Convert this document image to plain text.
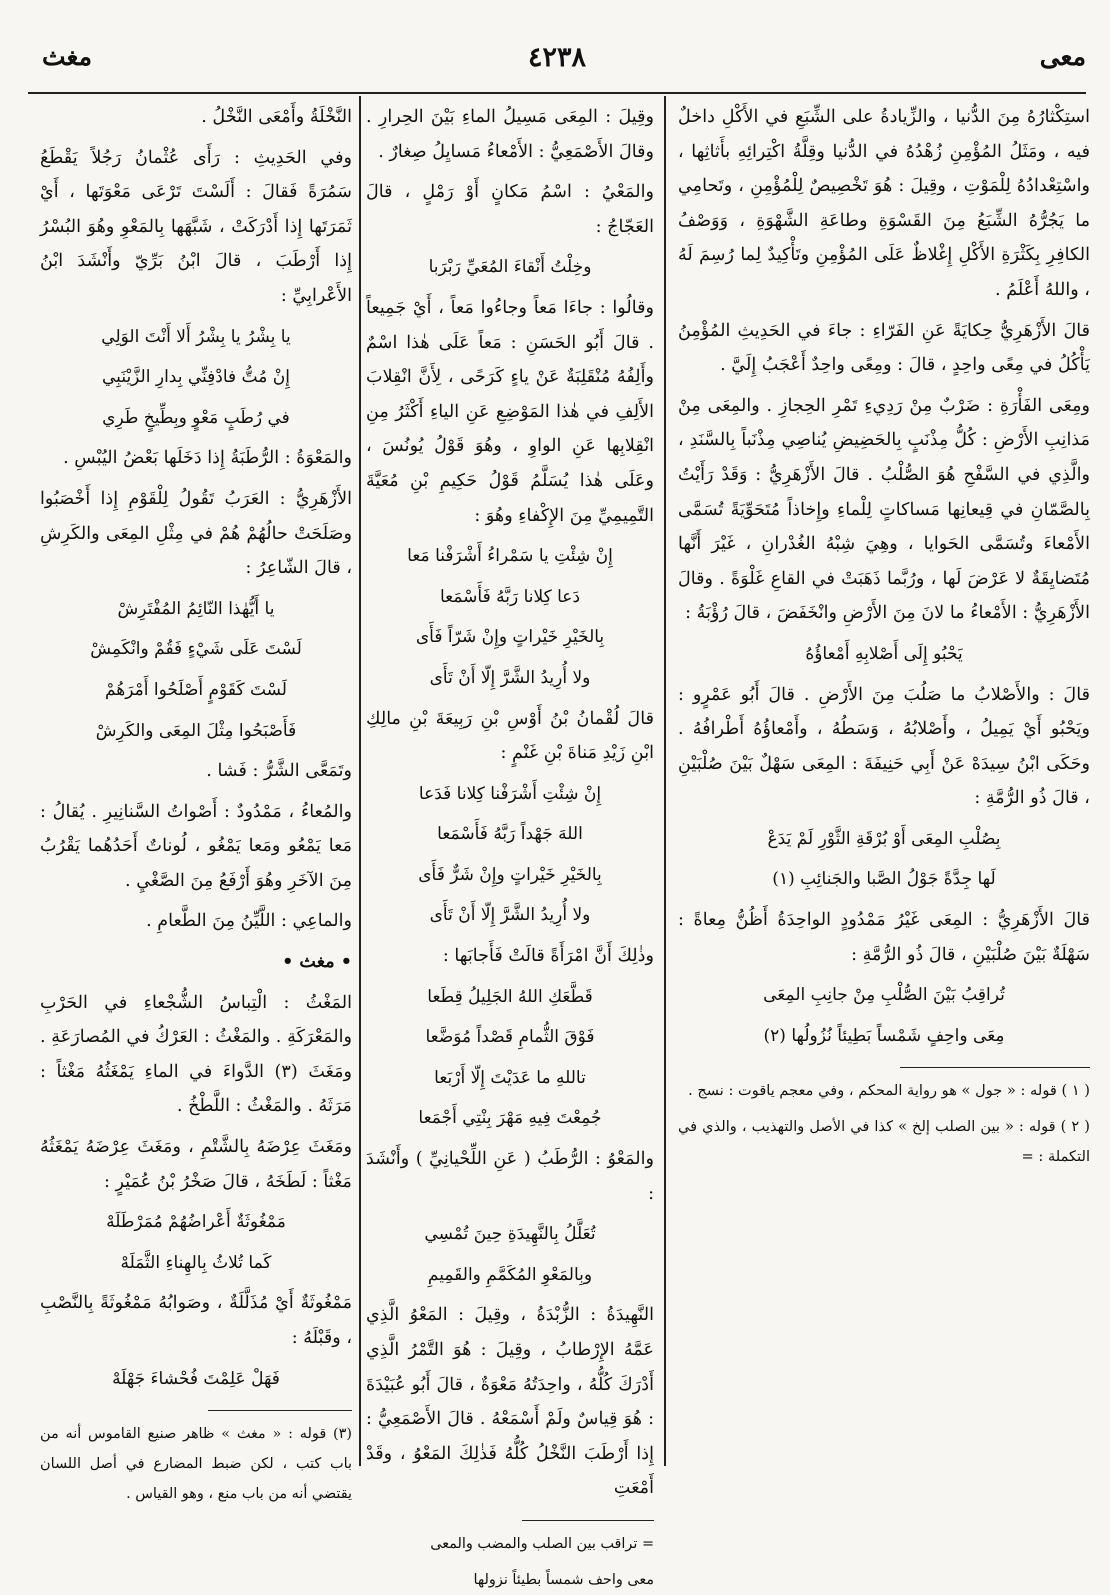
معى
٤٢٣٨
مغث

استِكْثارُهُ مِنَ الدُّنيا ، والزِّيادةُ على الشِّبَعِ في الأَكْلِ داخلٌ فيه ، ومَثَلُ المُؤْمِنِ زُهْدُهُ في الدُّنيا وقِلَّةُ اكْتِرائِهِ بأَثاثِها ، واسْتِعْدادُهُ لِلْمَوْتِ ، وقِيلَ : هُوَ تَخْصِيصٌ لِلْمُؤْمِنِ ، وتَحامِي ما يَجُرُّهُ الشِّبَعُ مِنَ القَسْوَةِ وطاعَةِ الشَّهْوَةِ ، وَوَصْفُ الكافِرِ بِكَثْرَةِ الأَكْلِ إِغْلاظٌ عَلَى المُؤْمِنِ وتَأْكِيدٌ لِما رُسِمَ لَهُ ، واللهُ أَعْلَمُ .

قالَ الأَزْهَرِيُّ حِكايَةً عَنِ الفَرّاءِ : جاءَ في الحَدِيثِ المُؤْمِنُ يَأْكُلُ في مِعًى واحِدٍ ، قالَ : ومِعًى واحِدٌ أَعْجَبُ إِلَيَّ .

ومِعَى الفَأْرَةِ : ضَرْبٌ مِنْ رَدِيءِ تَمْرِ الحِجازِ . والمِعَى مِنْ مَذانِبِ الأَرْضِ : كُلُّ مِذْنَبٍ بِالحَضِيضِ يُناصِي مِذْنَباً بِالسَّنَدِ ، والَّذِي في السَّفْحِ هُوَ الصُّلْبُ . قالَ الأَزْهَرِيُّ : وَقَدْ رَأَيْتُ بِالصَّمّانِ في قِيعانِها مَساكاتٍ لِلْماءِ وإِخاذاً مُتَحَوِّيَةً تُسَمَّى الأَمْعاءَ وتُسَمَّى الحَوايا ، وهِيَ شِبْهُ الغُدْرانِ ، غَيْرَ أَنَّها مُتَضايِقَةٌ لا عَرْضَ لَها ، ورُبَّما ذَهَبَتْ في القاعِ غَلْوَةً . وقالَ الأَزْهَرِيُّ : الأَمْعاءُ ما لانَ مِنَ الأَرْضِ وانْخَفَضَ ، قالَ رُؤْبَةُ :

يَحْبُو إِلَى أَصْلابِهِ أَمْعاؤُهُ

قالَ : والأَصْلابُ ما صَلُبَ مِنَ الأَرْضِ . قالَ أَبُو عَمْرٍو : ويَحْبُو أَيْ يَمِيلُ ، وأَصْلابُهُ ، وَسَطُهُ ، وأَمْعاؤُهُ أَطْرافُهُ . وحَكَى ابْنُ سِيدَهْ عَنْ أَبِي حَنِيفَةَ : المِعَى سَهْلٌ بَيْنَ صُلْبَيْنِ ، قالَ ذُو الرُّمَّةِ :

بِصُلْبِ المِعَى أَوْ بُرْقَةِ الثَّوْرِ لَمْ يَدَعْ

لَها جِدَّةً جَوْلُ الصَّبا والجَنائِبِ (١)

قالَ الأَزْهَرِيُّ : المِعَى غَيْرُ مَمْدُودٍ الواحِدَةُ أَظُنُّ مِعاةً : سَهْلَةٌ بَيْنَ صُلْبَيْنِ ، قالَ ذُو الرُّمَّةِ :

تُراقِبُ بَيْنَ الصُّلْبِ مِنْ جانِبِ المِعَى

مِعَى واحِفٍ شَمْساً بَطِيئاً نُزُولُها (٢)

( ١ ) قوله : « جول » هو رواية المحكم ، وفي معجم ياقوت : نسج .

( ٢ ) قوله : « بين الصلب إلخ » كذا في الأصل والتهذيب ، والذي في التكملة : =

وقِيلَ : المِعَى مَسِيلُ الماءِ بَيْنَ الحِرارِ . وقالَ الأَصْمَعِيُّ : الأَمْعاءُ مَسايِلُ صِغارٌ .

والمَعْيُ : اسْمُ مَكانٍ أَوْ رَمْلٍ ، قالَ العَجّاجُ :

وخِلْتُ أَنْقاءَ المُعَيِّ رَبْرَبا

وقالُوا : جاءَا مَعاً وجاءُوا مَعاً ، أَيْ جَمِيعاً . قالَ أَبُو الحَسَنِ : مَعاً عَلَى هٰذا اسْمٌ وأَلِفُهُ مُنْقَلِبَةٌ عَنْ ياءٍ كَرَحًى ، لِأَنَّ انْقِلابَ الأَلِفِ في هٰذا المَوْضِعِ عَنِ الياءِ أَكْثَرُ مِنِ انْقِلابِها عَنِ الواوِ ، وهُوَ قَوْلُ يُونُسَ ، وعَلَى هٰذا يُسَلَّمُ قَوْلُ حَكِيمِ بْنِ مُعَيَّةَ التَّمِيمِيِّ مِنَ الإِكْفاءِ وهُوَ :

إِنْ شِئْتِ يا سَمْراءُ أَشْرَفْنا مَعا

دَعا كِلانا رَبَّهُ فَأَسْمَعا

بِالخَيْرِ خَيْراتٍ وإِنْ شَرّاً فَأَى

ولا أُرِيدُ الشَّرَّ إِلّا أَنْ تَأَى

قالَ لُقْمانُ بْنُ أَوْسِ بْنِ رَبِيعَةَ بْنِ مالِكِ ابْنِ زَيْدِ مَناةَ بْنِ غَنْمٍ :

إِنْ شِئْتِ أَشْرَفْنا كِلانا فَدَعا

اللهَ جَهْداً رَبَّهُ فَأَسْمَعا

بِالخَيْرِ خَيْراتٍ وإِنْ شَرٌّ فَأَى

ولا أُرِيدُ الشَّرَّ إِلّا أَنْ تَأَى

وذٰلِكَ أَنَّ امْرَأَةً قالَتْ فَأَجابَها :

قَطَّعَكِ اللهُ الجَلِيلُ قِطَعا

فَوْقَ الثُّمامِ قَصْداً مُوَضَّعا

تاللهِ ما عَدَيْتَ إِلّا أَرْبَعا

جُمِعْتَ فِيهِ مَهْرَ بِنْتِي أَجْمَعا

والمَعْوُ : الرُّطَبُ ( عَنِ اللِّحْيانِيِّ ) وأَنْشَدَ :

تُعَلَّلُ بِالنَّهِيدَةِ حِينَ تُمْسِي

وبِالمَعْوِ المُكَمَّمِ والقَمِيمِ

النَّهِيدَةُ : الزُّبْدَةُ ، وقِيلَ : المَعْوُ الَّذِي عَمَّهُ الإِرْطابُ ، وقِيلَ : هُوَ التَّمْرُ الَّذِي أَدْرَكَ كُلُّهُ ، واحِدَتُهُ مَعْوَةٌ ، قالَ أَبُو عُبَيْدَةَ : هُوَ قِياسٌ ولَمْ أَسْمَعْهُ . قالَ الأَصْمَعِيُّ : إِذا أَرْطَبَ النَّخْلُ كُلُّهُ فَذٰلِكَ المَعْوُ ، وقَدْ أَمْعَتِ

= تراقب بين الصلب والمضب والمعى

معى واحف شمساً بطيئاً نزولها

النَّخْلَةُ وأَمْعَى النَّخْلُ .

وفي الحَدِيثِ : رَأَى عُثْمانُ رَجُلاً يَقْطَعُ سَمُرَةً فَقالَ : أَلَسْتَ تَرْعَى مَعْوَتَها ، أَيْ ثَمَرَتَها إِذا أَدْرَكَتْ ، شَبَّهَها بِالمَعْوِ وهُوَ البُسْرُ إِذا أَرْطَبَ ، قالَ ابْنُ بَرِّيّ وأَنْشَدَ ابْنُ الأَعْرابِيِّ :

يا بِشْرُ يا بِشْرُ أَلا أَنْتَ الوَلِي

إِنْ مُتُّ فادْفِنِّي بِدارِ الزَّيْنَبِي

في رُطَبٍ مَعْوٍ وبِطِّيخٍ طَرِي

والمَعْوَةُ : الرُّطَبَةُ إِذا دَخَلَها بَعْضُ اليُبْسِ .

الأَزْهَرِيُّ : العَرَبُ تَقُولُ لِلْقَوْمِ إِذا أَخْصَبُوا وصَلَحَتْ حالُهُمْ هُمْ في مِثْلِ المِعَى والكَرِشِ ، قالَ الشّاعِرُ :

يا أَيُّهٰذا النّائِمُ المُفْتَرِشْ

لَسْتَ عَلَى شَيْءٍ فَقُمْ وانْكَمِشْ

لَسْتَ كَقَوْمٍ أَصْلَحُوا أَمْرَهُمْ

فَأَصْبَحُوا مِثْلَ المِعَى والكَرِشْ

وتَمَعَّى الشَّرُّ : فَشا .

والمُعاءُ ، مَمْدُودٌ : أَصْواتُ السَّنانِيرِ . يُقالُ : مَعا يَمْعُو ومَعا يَمْغُو ، لُوناتٌ أَحَدُهُما يَقْرُبُ مِنَ الآخَرِ وهُوَ أَرْفَعُ مِنَ الصَّغْيِ .

والماعِي : اللَّيِّنُ مِنَ الطَّعامِ .

• مغث •

المَغْثُ : الْتِباسُ الشُّجْعاءِ في الحَرْبِ والمَعْرَكَةِ . والمَغْثُ : العَرْكُ في المُصارَعَةِ . ومَغَثَ (٣) الدَّواءَ في الماءِ يَمْغَثُهُ مَغْثاً : مَرَثَهُ . والمَغْثُ : اللَّطْخُ .

ومَغَثَ عِرْضَهُ بِالشَّتْمِ ، ومَغَثَ عِرْضَهُ يَمْغَثُهُ مَغْثاً : لَطَخَهُ ، قالَ صَخْرُ بْنُ عُمَيْرٍ :

مَمْغُوثَةٌ أَعْراضُهُمْ مُمَرْطَلَهْ

كَما تُلاثُ بِالهِناءِ الثَّمَلَهْ

مَمْغُوثَةٌ أَيْ مُذَلَّلَةٌ ، وصَوابُهُ مَمْغُوثَةً بِالنَّصْبِ ، وقَبْلَهُ :

فَهَلْ عَلِمْتَ فُحْشاءَ جَهْلَهْ

(٣) قوله : « مغث » ظاهر صنيع القاموس أنه من باب كتب ، لكن ضبط المضارع في أصل اللسان يقتضي أنه من باب منع ، وهو القياس .
